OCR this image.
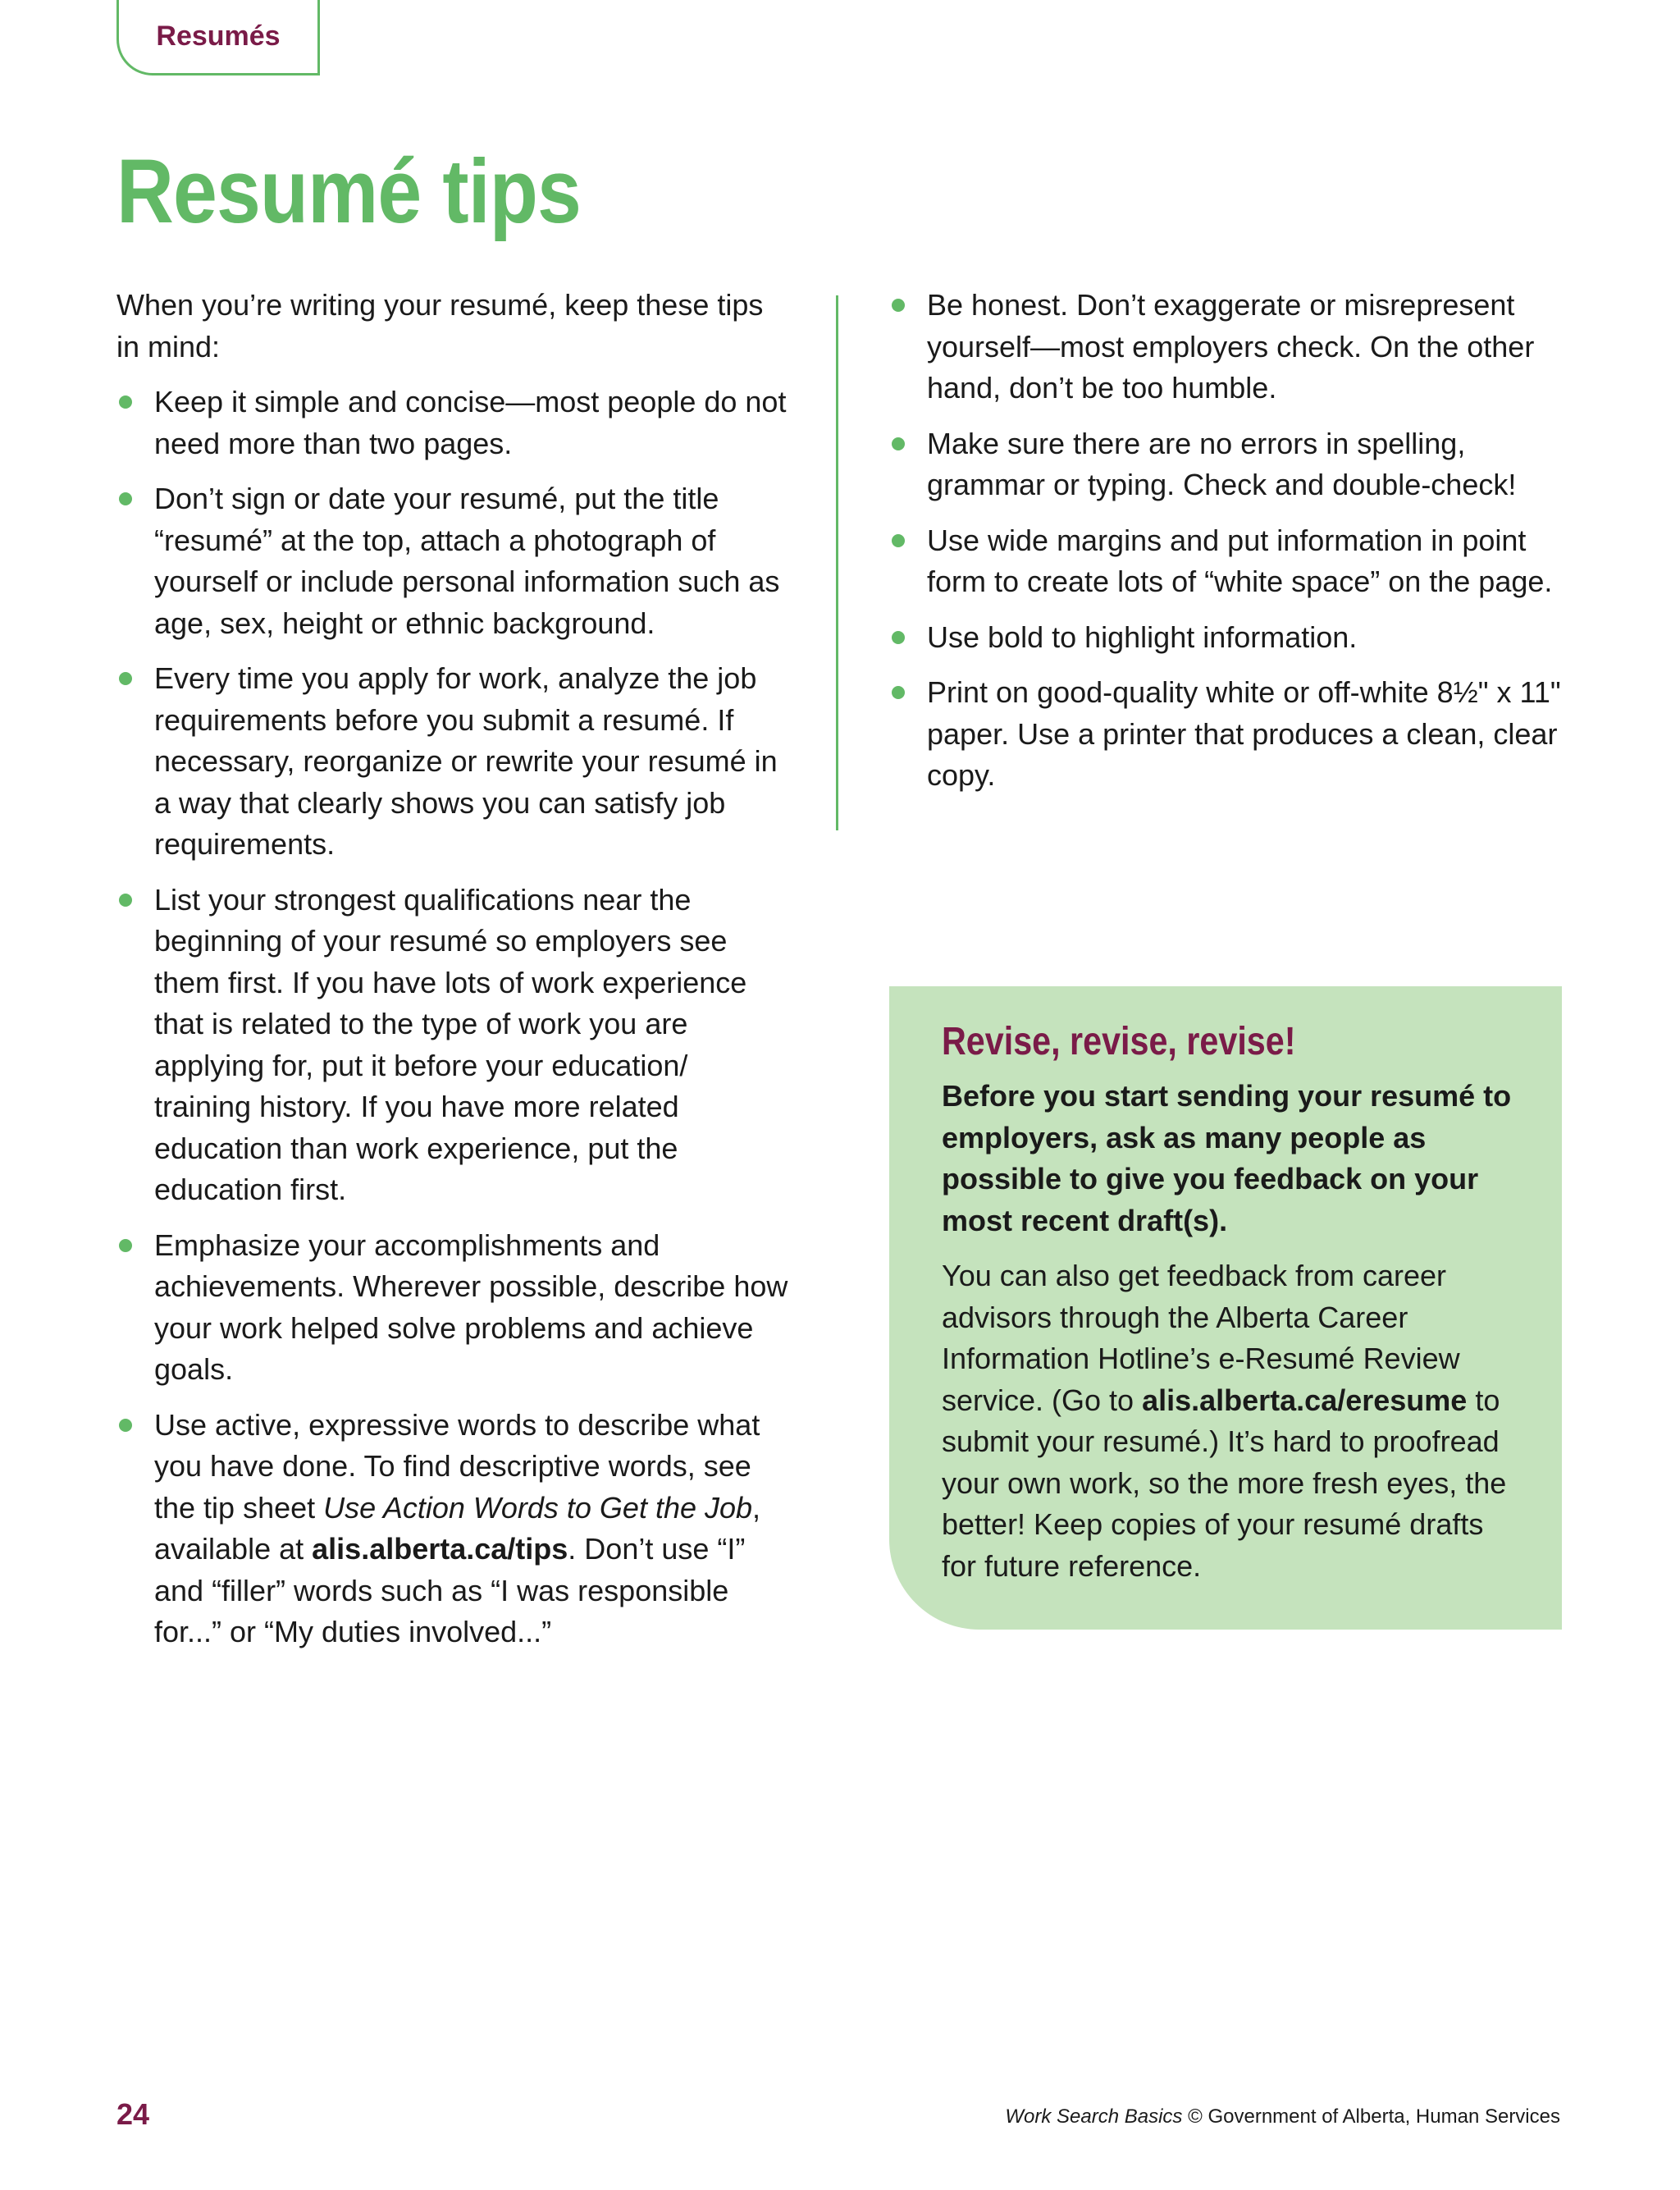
Resumés
Resumé tips

When you’re writing your resumé, keep these tips in mind:

Keep it simple and concise—most people do not need more than two pages.
Don’t sign or date your resumé, put the title “resumé” at the top, attach a photograph of yourself or include personal information such as age, sex, height or ethnic background.
Every time you apply for work, analyze the job requirements before you submit a resumé. If necessary, reorganize or rewrite your resumé in a way that clearly shows you can satisfy job requirements.
List your strongest qualifications near the beginning of your resumé so employers see them first. If you have lots of work experience that is related to the type of work you are applying for, put it before your education/ training history. If you have more related education than work experience, put the education first.
Emphasize your accomplishments and achievements. Wherever possible, describe how your work helped solve problems and achieve goals.
Use active, expressive words to describe what you have done. To find descriptive words, see the tip sheet Use Action Words to Get the Job, available at alis.alberta.ca/tips. Don’t use “I” and “filler” words such as “I was responsible for...” or “My duties involved...”
Be honest. Don’t exaggerate or misrepresent yourself—most employers check. On the other hand, don’t be too humble.
Make sure there are no errors in spelling, grammar or typing. Check and double-check!
Use wide margins and put information in point form to create lots of “white space” on the page.
Use bold to highlight information.
Print on good-quality white or off-white 8½" x 11" paper. Use a printer that produces a clean, clear copy.
Revise, revise, revise!

Before you start sending your resumé to employers, ask as many people as possible to give you feedback on your most recent draft(s).

You can also get feedback from career advisors through the Alberta Career Information Hotline’s e-Resumé Review service. (Go to alis.alberta.ca/eresume to submit your resumé.) It’s hard to proofread your own work, so the more fresh eyes, the better! Keep copies of your resumé drafts for future reference.

24	Work Search Basics © Government of Alberta, Human Services
